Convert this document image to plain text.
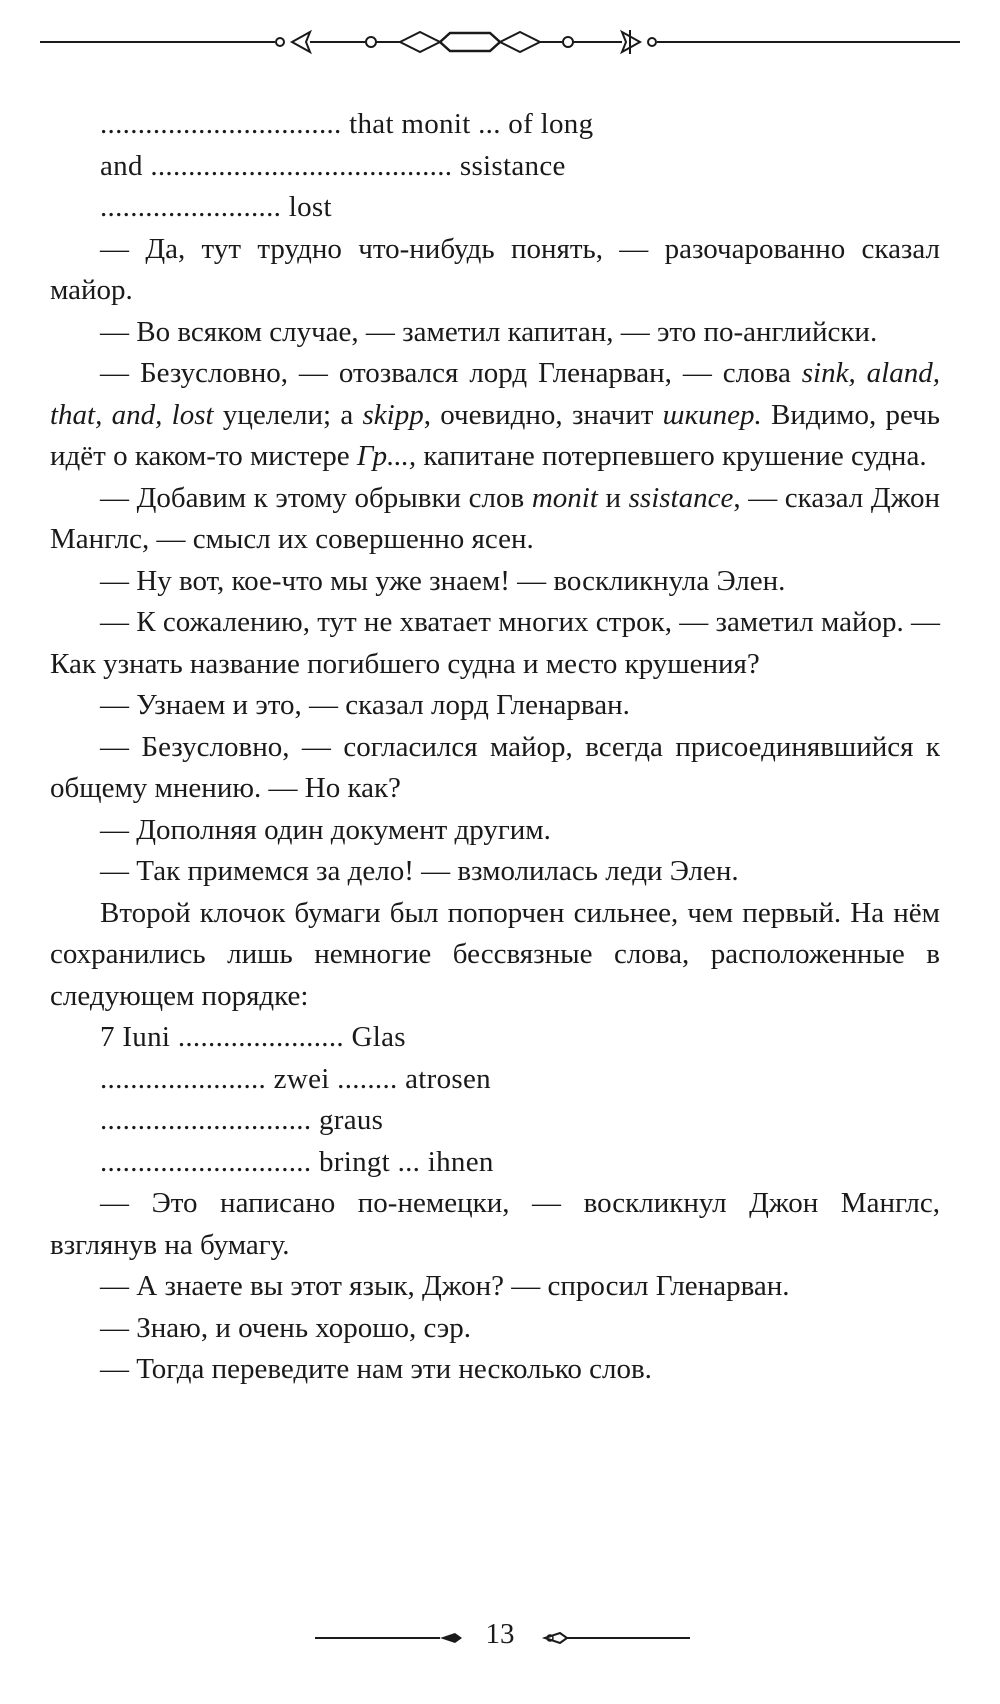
................................ that monit ... of long
and ........................................ ssistance
........................ lost

— Да, тут трудно что-нибудь понять, — разочарованно сказал майор.

— Во всяком случае, — заметил капитан, — это по-английски.

— Безусловно, — отозвался лорд Гленарван, — слова sink, aland, that, and, lost уцелели; а skipp, очевидно, значит шкипер. Видимо, речь идёт о каком-то мистере Гр..., капитане потерпевшего крушение судна.

— Добавим к этому обрывки слов monit и ssistance, — сказал Джон Манглс, — смысл их совершенно ясен.

— Ну вот, кое-что мы уже знаем! — воскликнула Элен.

— К сожалению, тут не хватает многих строк, — заметил майор. — Как узнать название погибшего судна и место крушения?

— Узнаем и это, — сказал лорд Гленарван.

— Безусловно, — согласился майор, всегда присоединявшийся к общему мнению. — Но как?

— Дополняя один документ другим.

— Так примемся за дело! — взмолилась леди Элен.

Второй клочок бумаги был попорчен сильнее, чем первый. На нём сохранились лишь немногие бессвязные слова, расположенные в следующем порядке:

7 Iuni ...................... Glas
...................... zwei ........ atrosen
............................ graus
............................ bringt ... ihnen

— Это написано по-немецки, — воскликнул Джон Манглс, взглянув на бумагу.

— А знаете вы этот язык, Джон? — спросил Гленарван.

— Знаю, и очень хорошо, сэр.

— Тогда переведите нам эти несколько слов.

13
